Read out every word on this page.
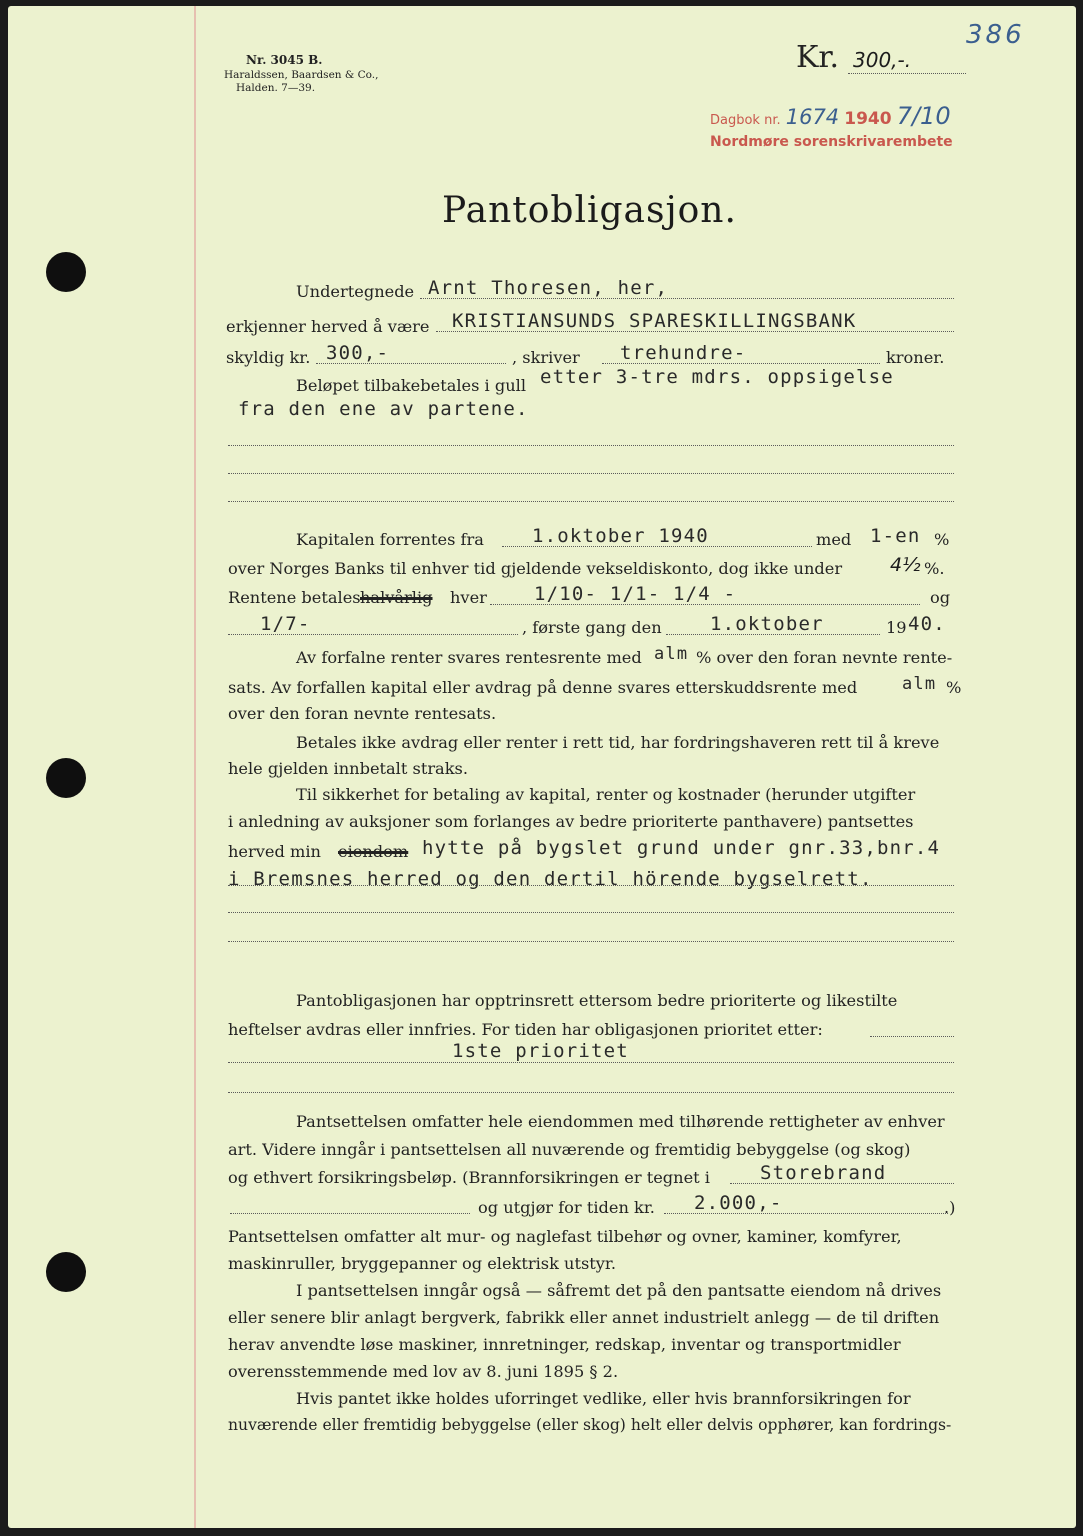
386
Nr. 3045 B.
Haraldssen, Baardsen & Co.,
Halden. 7—39.
Kr. 300,-.
Dagbok nr. 1674 1940 7/10
Nordmøre sorenskrivarembete
Pantobligasjon.
Undertegnede Arnt Thoresen, her,
erkjenner herved å være KRISTIANSUNDS SPARESKILLINGSBANK
skyldig kr. 300,-	, skriver trehundre-	kroner.
Beløpet tilbakebetales i gull etter 3-tre mdrs. oppsigelse
fra den ene av partene.
Kapitalen forrentes fra	1.oktober 1940	med 1-en %
over Norges Banks til enhver tid gjeldende vekseldiskonto, dog ikke under	4½ %.
Rentene betales halvårlig hver 1/10- 1/1- 1/4 -	og
1/7-	, første gang den	1.oktober	19 40.
Av forfalne renter svares rentesrente med alm % over den foran nevnte rente-
sats. Av forfallen kapital eller avdrag på denne svares etterskuddsrente med	alm %
over den foran nevnte rentesats.
Betales ikke avdrag eller renter i rett tid, har fordringshaveren rett til å kreve
hele gjelden innbetalt straks.
Til sikkerhet for betaling av kapital, renter og kostnader (herunder utgifter
i anledning av auksjoner som forlanges av bedre prioriterte panthavere) pantsettes
herved min eiendom hytte på bygslet grund under gnr.33,bnr.4
i Bremsnes herred og den dertil hörende bygselrett.
Pantobligasjonen har opptrinsrett ettersom bedre prioriterte og likestilte
heftelser avdras eller innfries. For tiden har obligasjonen prioritet etter:
1ste prioritet
Pantsettelsen omfatter hele eiendommen med tilhørende rettigheter av enhver
art. Videre inngår i pantsettelsen all nuværende og fremtidig bebyggelse (og skog)
og ethvert forsikringsbeløp. (Brannforsikringen er tegnet i	Storebrand
og utgjør for tiden kr. 2.000,-	.)
Pantsettelsen omfatter alt mur- og naglefast tilbehør og ovner, kaminer, komfyrer,
maskinruller, bryggepanner og elektrisk utstyr.
I pantsettelsen inngår også — såfremt det på den pantsatte eiendom nå drives
eller senere blir anlagt bergverk, fabrikk eller annet industrielt anlegg — de til driften
herav anvendte løse maskiner, innretninger, redskap, inventar og transportmidler
overensstemmende med lov av 8. juni 1895 § 2.
Hvis pantet ikke holdes uforringet vedlike, eller hvis brannforsikringen for
nuværende eller fremtidig bebyggelse (eller skog) helt eller delvis opphører, kan fordrings-
